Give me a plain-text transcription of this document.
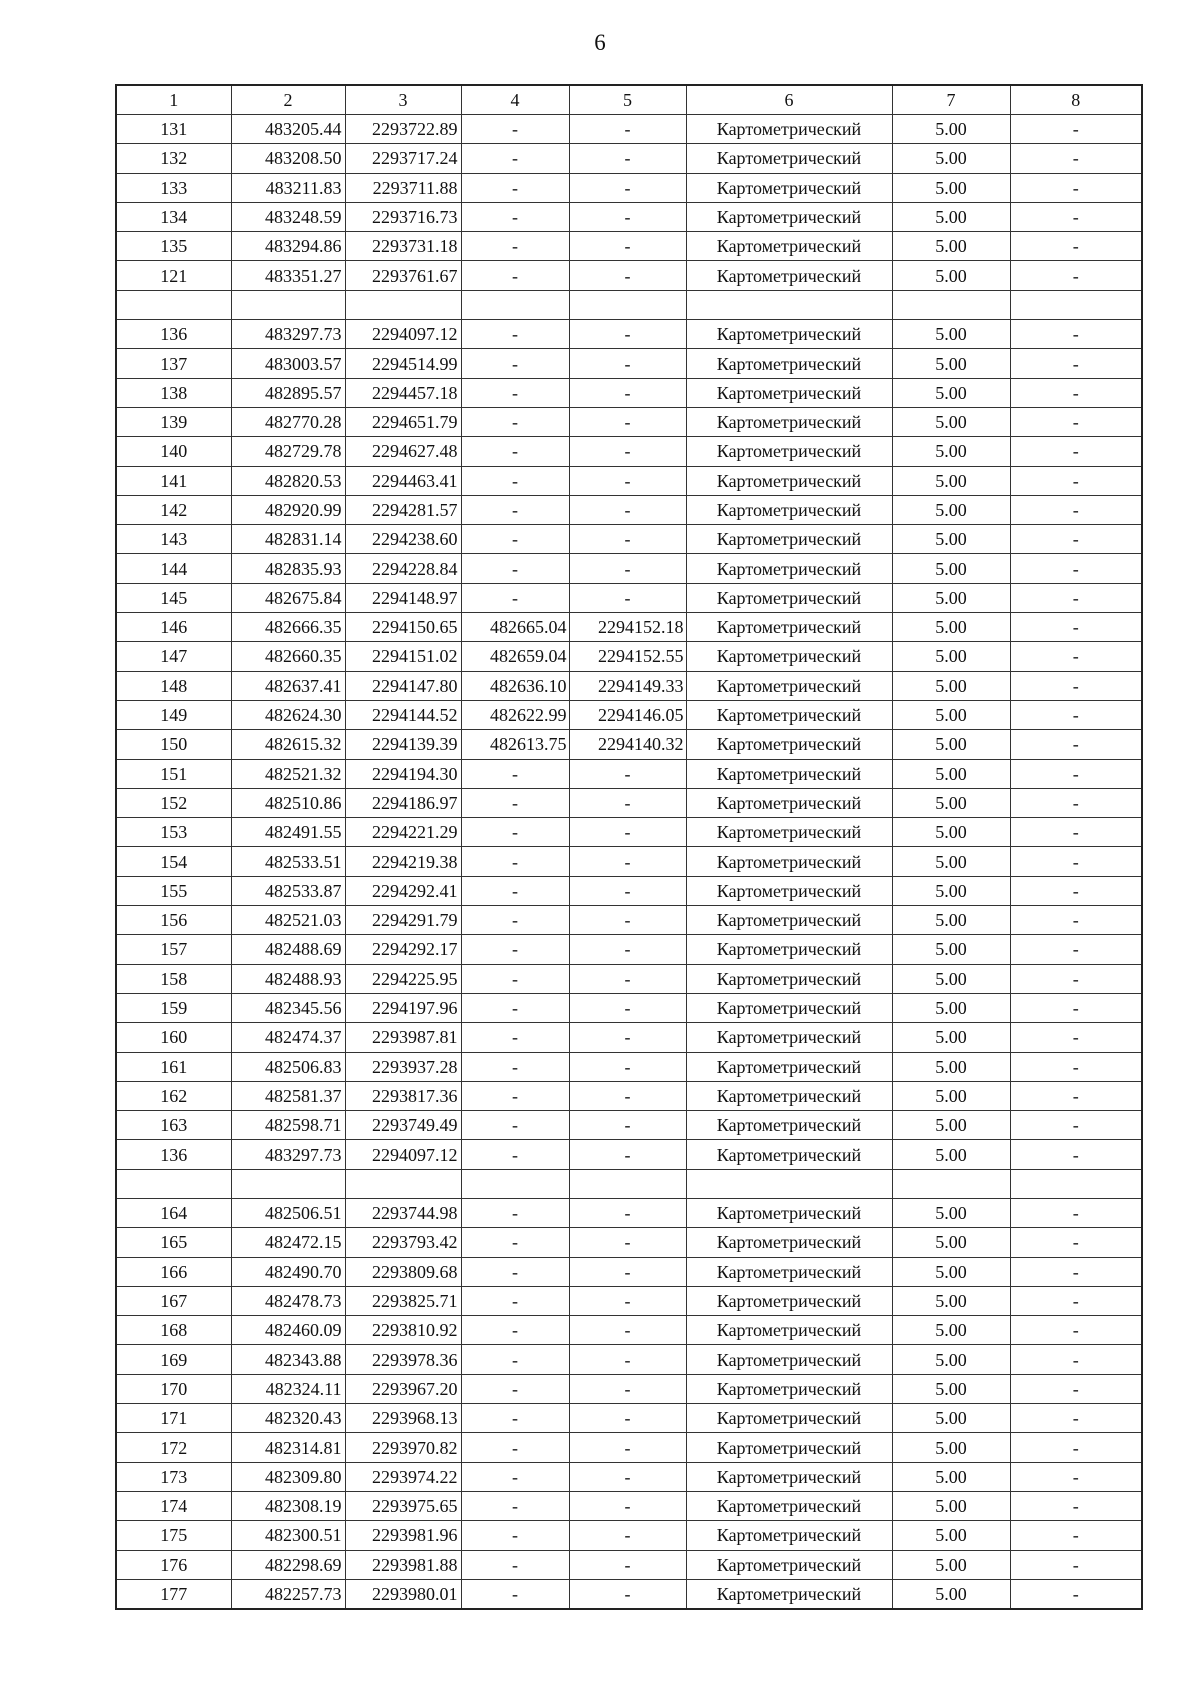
6
1	2	3	4	5	6	7	8
131	483205.44	2293722.89	-	-	Картометрический	5.00	-
132	483208.50	2293717.24	-	-	Картометрический	5.00	-
133	483211.83	2293711.88	-	-	Картометрический	5.00	-
134	483248.59	2293716.73	-	-	Картометрический	5.00	-
135	483294.86	2293731.18	-	-	Картометрический	5.00	-
121	483351.27	2293761.67	-	-	Картометрический	5.00	-

136	483297.73	2294097.12	-	-	Картометрический	5.00	-
137	483003.57	2294514.99	-	-	Картометрический	5.00	-
138	482895.57	2294457.18	-	-	Картометрический	5.00	-
139	482770.28	2294651.79	-	-	Картометрический	5.00	-
140	482729.78	2294627.48	-	-	Картометрический	5.00	-
141	482820.53	2294463.41	-	-	Картометрический	5.00	-
142	482920.99	2294281.57	-	-	Картометрический	5.00	-
143	482831.14	2294238.60	-	-	Картометрический	5.00	-
144	482835.93	2294228.84	-	-	Картометрический	5.00	-
145	482675.84	2294148.97	-	-	Картометрический	5.00	-
146	482666.35	2294150.65	482665.04	2294152.18	Картометрический	5.00	-
147	482660.35	2294151.02	482659.04	2294152.55	Картометрический	5.00	-
148	482637.41	2294147.80	482636.10	2294149.33	Картометрический	5.00	-
149	482624.30	2294144.52	482622.99	2294146.05	Картометрический	5.00	-
150	482615.32	2294139.39	482613.75	2294140.32	Картометрический	5.00	-
151	482521.32	2294194.30	-	-	Картометрический	5.00	-
152	482510.86	2294186.97	-	-	Картометрический	5.00	-
153	482491.55	2294221.29	-	-	Картометрический	5.00	-
154	482533.51	2294219.38	-	-	Картометрический	5.00	-
155	482533.87	2294292.41	-	-	Картометрический	5.00	-
156	482521.03	2294291.79	-	-	Картометрический	5.00	-
157	482488.69	2294292.17	-	-	Картометрический	5.00	-
158	482488.93	2294225.95	-	-	Картометрический	5.00	-
159	482345.56	2294197.96	-	-	Картометрический	5.00	-
160	482474.37	2293987.81	-	-	Картометрический	5.00	-
161	482506.83	2293937.28	-	-	Картометрический	5.00	-
162	482581.37	2293817.36	-	-	Картометрический	5.00	-
163	482598.71	2293749.49	-	-	Картометрический	5.00	-
136	483297.73	2294097.12	-	-	Картометрический	5.00	-

164	482506.51	2293744.98	-	-	Картометрический	5.00	-
165	482472.15	2293793.42	-	-	Картометрический	5.00	-
166	482490.70	2293809.68	-	-	Картометрический	5.00	-
167	482478.73	2293825.71	-	-	Картометрический	5.00	-
168	482460.09	2293810.92	-	-	Картометрический	5.00	-
169	482343.88	2293978.36	-	-	Картометрический	5.00	-
170	482324.11	2293967.20	-	-	Картометрический	5.00	-
171	482320.43	2293968.13	-	-	Картометрический	5.00	-
172	482314.81	2293970.82	-	-	Картометрический	5.00	-
173	482309.80	2293974.22	-	-	Картометрический	5.00	-
174	482308.19	2293975.65	-	-	Картометрический	5.00	-
175	482300.51	2293981.96	-	-	Картометрический	5.00	-
176	482298.69	2293981.88	-	-	Картометрический	5.00	-
177	482257.73	2293980.01	-	-	Картометрический	5.00	-
